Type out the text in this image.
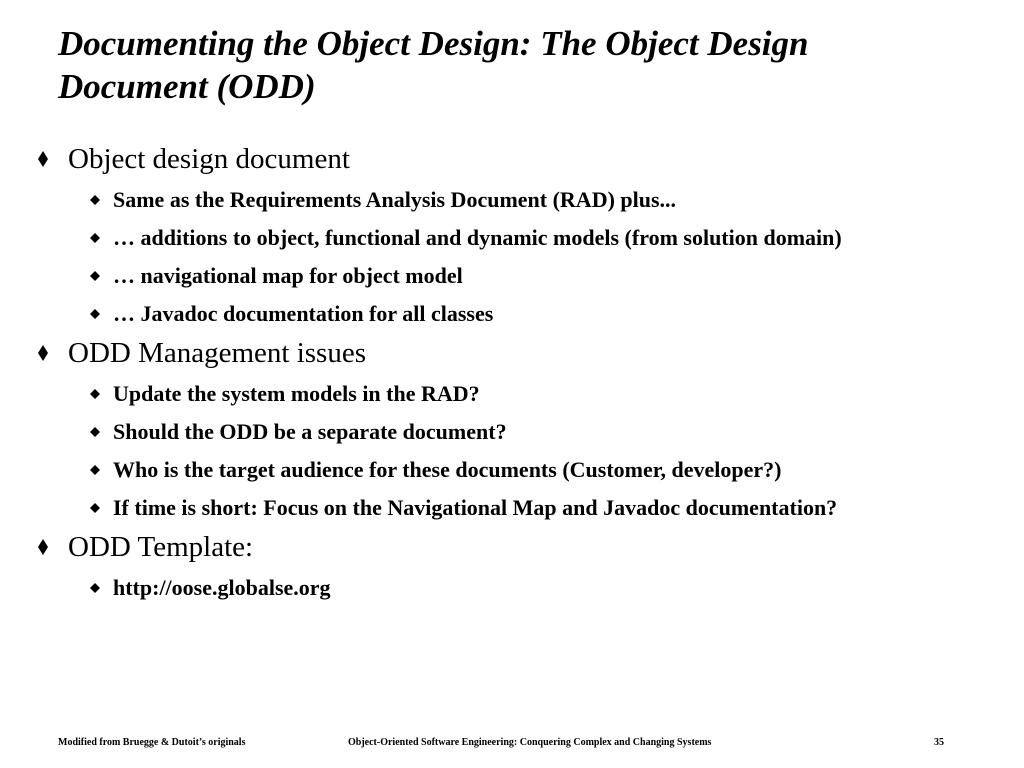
Documenting the Object Design: The Object Design Document (ODD)
Object design document
Same as the Requirements Analysis Document (RAD) plus...
… additions to object, functional and dynamic models (from solution domain)
… navigational map for object model
… Javadoc documentation for all classes
ODD Management issues
Update the system models in the RAD?
Should the ODD be a separate document?
Who is the target audience for these documents (Customer, developer?)
If time is short: Focus on the Navigational Map and Javadoc documentation?
ODD Template:
http://oose.globalse.org
Modified from Bruegge & Dutoit’s originals	Object-Oriented Software Engineering: Conquering Complex and Changing Systems	35
